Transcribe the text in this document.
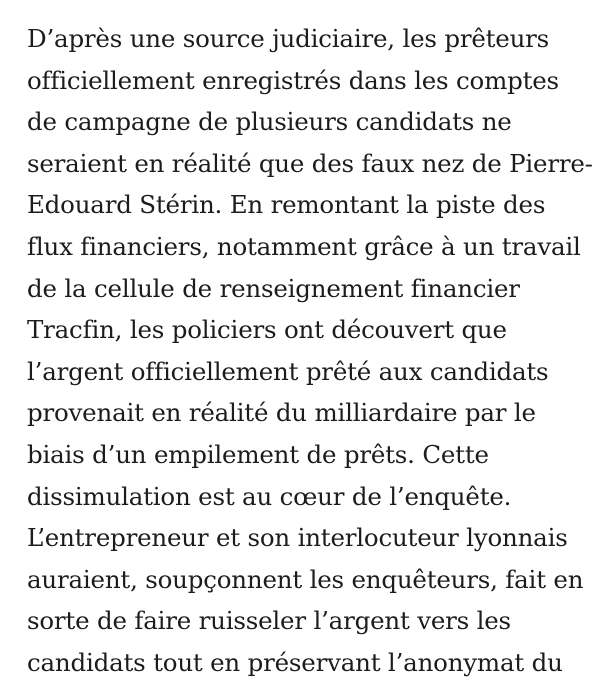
D’après une source judiciaire, les prêteurs
officiellement enregistrés dans les comptes
de campagne de plusieurs candidats ne
seraient en réalité que des faux nez de Pierre-
Edouard Stérin. En remontant la piste des
flux financiers, notamment grâce à un travail
de la cellule de renseignement financier
Tracfin, les policiers ont découvert que
l’argent officiellement prêté aux candidats
provenait en réalité du milliardaire par le
biais d’un empilement de prêts. Cette
dissimulation est au cœur de l’enquête.
L’entrepreneur et son interlocuteur lyonnais
auraient, soupçonnent les enquêteurs, fait en
sorte de faire ruisseler l’argent vers les
candidats tout en préservant l’anonymat du
